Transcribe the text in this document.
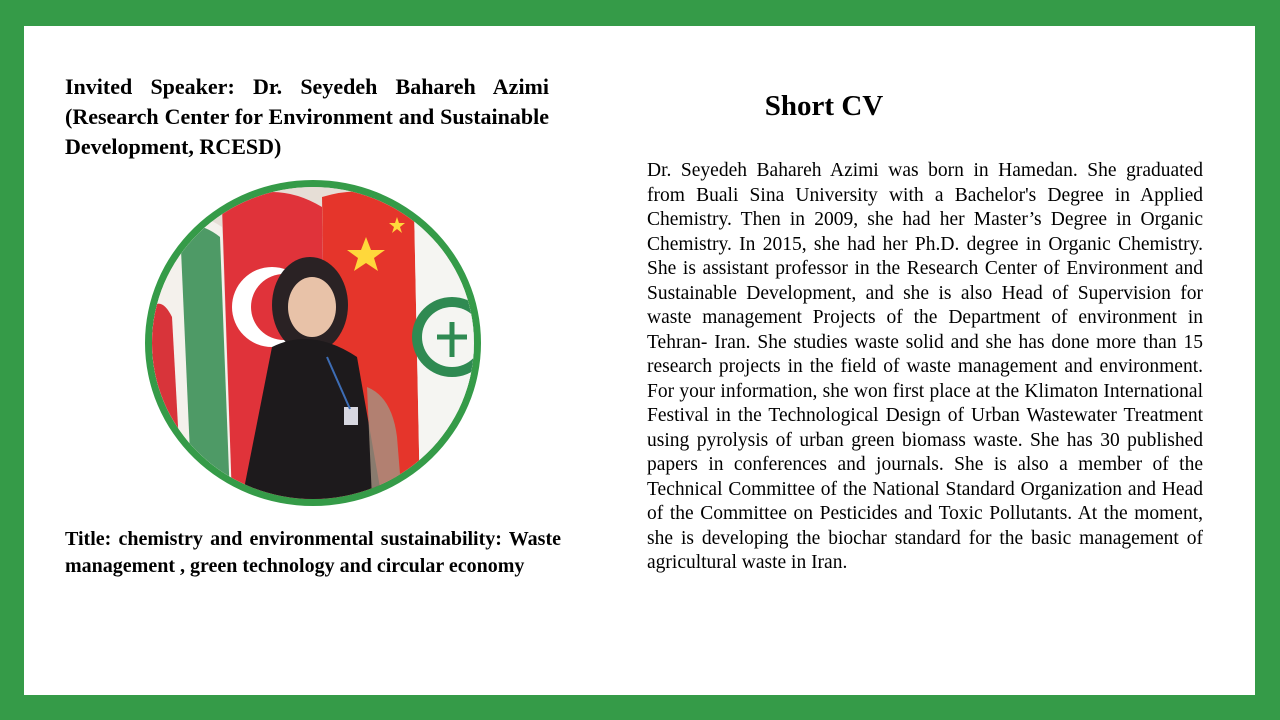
Invited Speaker: Dr. Seyedeh Bahareh Azimi (Research Center for Environment and Sustainable Development, RCESD)

Title: chemistry and environmental sustainability: Waste management , green technology and circular economy

Short CV

Dr. Seyedeh Bahareh Azimi was born in Hamedan. She graduated from Buali Sina University with a Bachelor's Degree in Applied Chemistry. Then in 2009, she had her Master’s Degree in Organic Chemistry. In 2015, she had her Ph.D. degree in Organic Chemistry. She is assistant professor in the Research Center of Environment and Sustainable Development, and she is also Head of Supervision for waste management Projects of the Department of environment in Tehran- Iran. She studies waste solid and she has done more than 15 research projects in the field of waste management and environment. For your information, she won first place at the Klimaton International Festival in the Technological Design of Urban Wastewater Treatment using pyrolysis of urban green biomass waste. She has 30 published papers in conferences and journals. She is also a member of the Technical Committee of the National Standard Organization and Head of the Committee on Pesticides and Toxic Pollutants. At the moment, she is developing the biochar standard for the basic management of agricultural waste in Iran.
